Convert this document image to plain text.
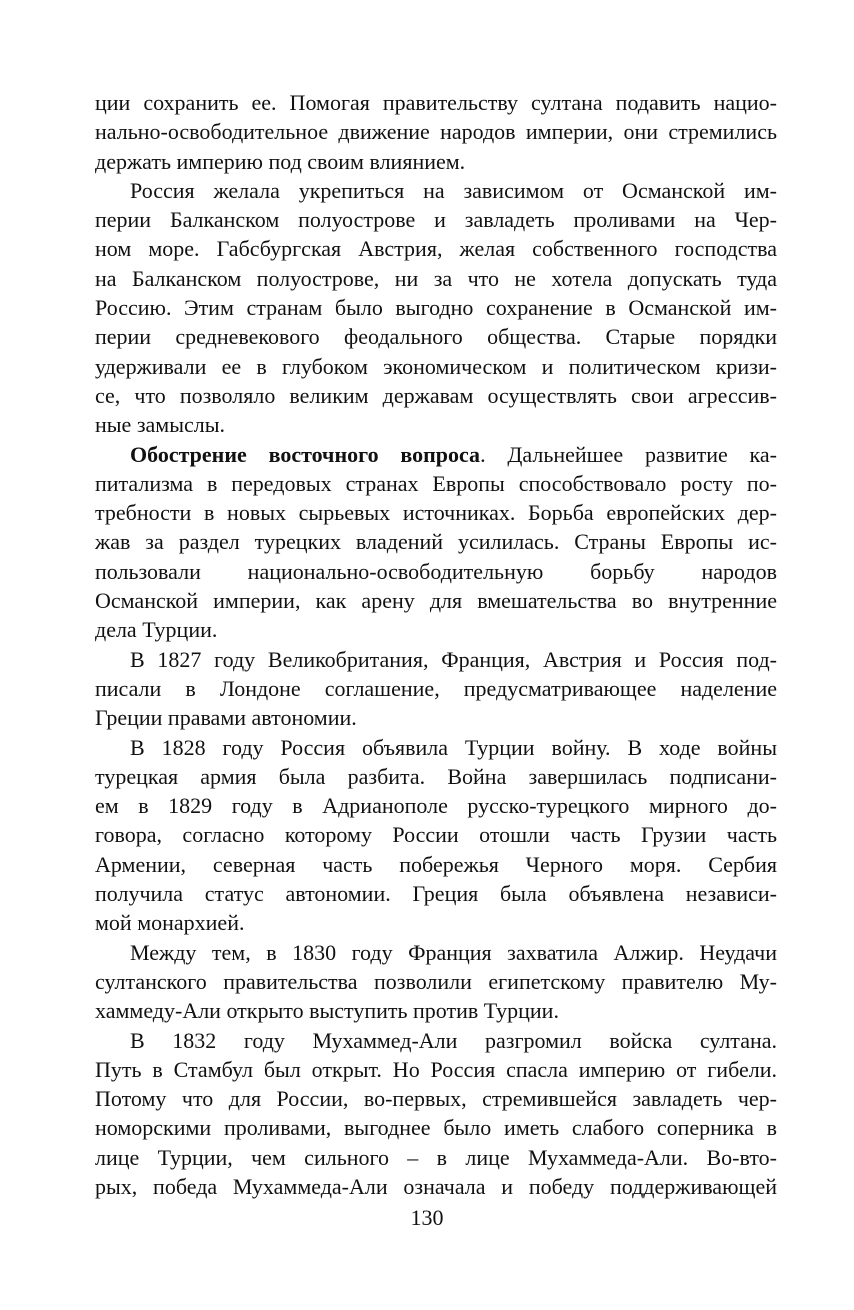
ции сохранить ее. Помогая правительству султана подавить нацио-
нально-освободительное движение народов империи, они стремились
держать империю под своим влиянием.
Россия желала укрепиться на зависимом от Османской им-
перии Балканском полуострове и завладеть проливами на Чер-
ном море. Габсбургская Австрия, желая собственного господства
на Балканском полуострове, ни за что не хотела допускать туда
Россию. Этим странам было выгодно сохранение в Османской им-
перии средневекового феодального общества. Старые порядки
удерживали ее в глубоком экономическом и политическом кризи-
се, что позволяло великим державам осуществлять свои агрессив-
ные замыслы.
Обострение восточного вопроса. Дальнейшее развитие ка-
питализма в передовых странах Европы способствовало росту по-
требности в новых сырьевых источниках. Борьба европейских дер-
жав за раздел турецких владений усилилась. Страны Европы ис-
пользовали национально-освободительную борьбу народов
Османской империи, как арену для вмешательства во внутренние
дела Турции.
В 1827 году Великобритания, Франция, Австрия и Россия под-
писали в Лондоне соглашение, предусматривающее наделение
Греции правами автономии.
В 1828 году Россия объявила Турции войну. В ходе войны
турецкая армия была разбита. Война завершилась подписани-
ем в 1829 году в Адрианополе русско-турецкого мирного до-
говора, согласно которому России отошли часть Грузии часть
Армении, северная часть побережья Черного моря. Сербия
получила статус автономии. Греция была объявлена независи-
мой монархией.
Между тем, в 1830 году Франция захватила Алжир. Неудачи
султанского правительства позволили египетскому правителю Му-
хаммеду-Али открыто выступить против Турции.
В 1832 году Мухаммед-Али разгромил войска султана.
Путь в Стамбул был открыт. Но Россия спасла империю от гибели.
Потому что для России, во-первых, стремившейся завладеть чер-
номорскими проливами, выгоднее было иметь слабого соперника в
лице Турции, чем сильного – в лице Мухаммеда-Али. Во-вто-
рых, победа Мухаммеда-Али означала и победу поддерживающей
130
